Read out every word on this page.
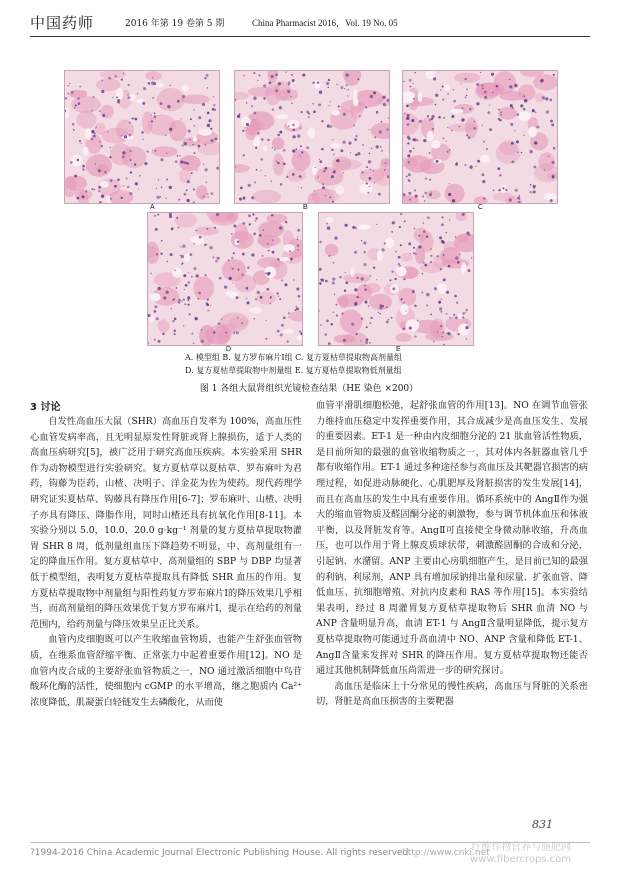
中国药师	2016 年第 19 卷第 5 期	China Pharmacist 2016，Vol. 19 No. 05
A	B	C
D	E
A. 模型组 B. 复方罗布麻片Ⅰ组 C. 复方夏枯草提取物高剂量组
D. 复方夏枯草提取物中剂量组 E. 复方夏枯草提取物低剂量组
图 1 各组大鼠肾组织光镜检查结果（HE 染色 ×200）
3 讨论

自发性高血压大鼠（SHR）高血压自发率为 100%，高血压性心血管发病率高，且无明显原发性肾脏或肾上腺损伤，适于人类的高血压病研究[5]，被广泛用于研究高血压疾病。本实验采用 SHR 作为动物模型进行实验研究。复方夏枯草以夏枯草、罗布麻叶为君药，钩藤为臣药，山楂、决明子、洋金花为佐为使药。现代药理学研究证实夏枯草、钩藤具有降压作用[6-7]；罗布麻叶、山楂、决明子亦具有降压、降脂作用，同时山楂还具有抗氧化作用[8-11]。本实验分别以 5.0，10.0，20.0 g·kg⁻¹ 剂量的复方夏枯草提取物灌胃 SHR 8 周，低剂量组血压下降趋势不明显，中、高剂量组有一定的降血压作用。复方夏枯草中、高剂量组的 SBP 与 DBP 均显著低于模型组，表明复方夏枯草提取具有降低 SHR 血压的作用。复方夏枯草提取物中剂量组与阳性药复方罗布麻片Ⅰ的降压效果几乎相当，而高剂量组的降压效果优于复方罗布麻片Ⅰ，提示在给药的剂量范围内，给药剂量与降压效果呈正比关系。

血管内皮细胞既可以产生收缩血管物质，也能产生舒张血管物质，在维系血管舒缩平衡、正常张力中起着重要作用[12]。NO 是血管内皮合成的主要舒张血管物质之一，NO 通过激活细胞中鸟苷酸环化酶的活性，使细胞内 cGMP 的水平增高，继之胞质内 Ca²⁺ 浓度降低，肌凝蛋白轻链发生去磷酸化，从而使

血管平滑肌细胞松弛，起舒张血管的作用[13]。NO 在调节血管张力维持血压稳定中发挥重要作用，其合成减少是高血压发生、发展的重要因素。ET-1 是一种由内皮细胞分泌的 21 肽血管活性物质，是目前所知的最强的血管收缩物质之一，其对体内各脏器血管几乎都有收缩作用。ET-1 通过多种途径参与高血压及其靶器官损害的病理过程，如促进动脉硬化、心肌肥厚及肾脏损害的发生发展[14]，而且在高血压的发生中具有重要作用。循环系统中的 AngⅡ作为强大的缩血管物质及醛固酮分泌的刺激物，参与调节机体血压和体液平衡，以及肾脏发育等。AngⅡ可直接使全身微动脉收缩，升高血压，也可以作用于肾上腺皮质球状带，刺激醛固酮的合成和分泌，引起钠、水潴留。ANP 主要由心房肌细胞产生，是目前已知的最强的利钠、利尿剂，ANP 具有增加尿钠排出量和尿量、扩张血管、降低血压、抗细胞增殖、对抗内皮素和 RAS 等作用[15]。本实验结果表明，经过 8 周灌胃复方夏枯草提取物后 SHR 血清 NO 与 ANP 含量明显升高，血清 ET-1 与 AngⅡ含量明显降低，提示复方夏枯草提取物可能通过升高血清中 NO、ANP 含量和降低 ET-1、AngⅡ含量来发挥对 SHR 的降压作用。复方夏枯草提取物还能否通过其他机制降低血压尚需进一步的研究探讨。

高血压是临床上十分常见的慢性疾病，高血压与肾脏的关系密切，肾脏是高血压损害的主要靶器

831
?1994-2016 China Academic Journal Electronic Publishing House. All rights reserved.
http://www.cnki.net
纤维作物营养与施肥网
www.fibercrops.com
